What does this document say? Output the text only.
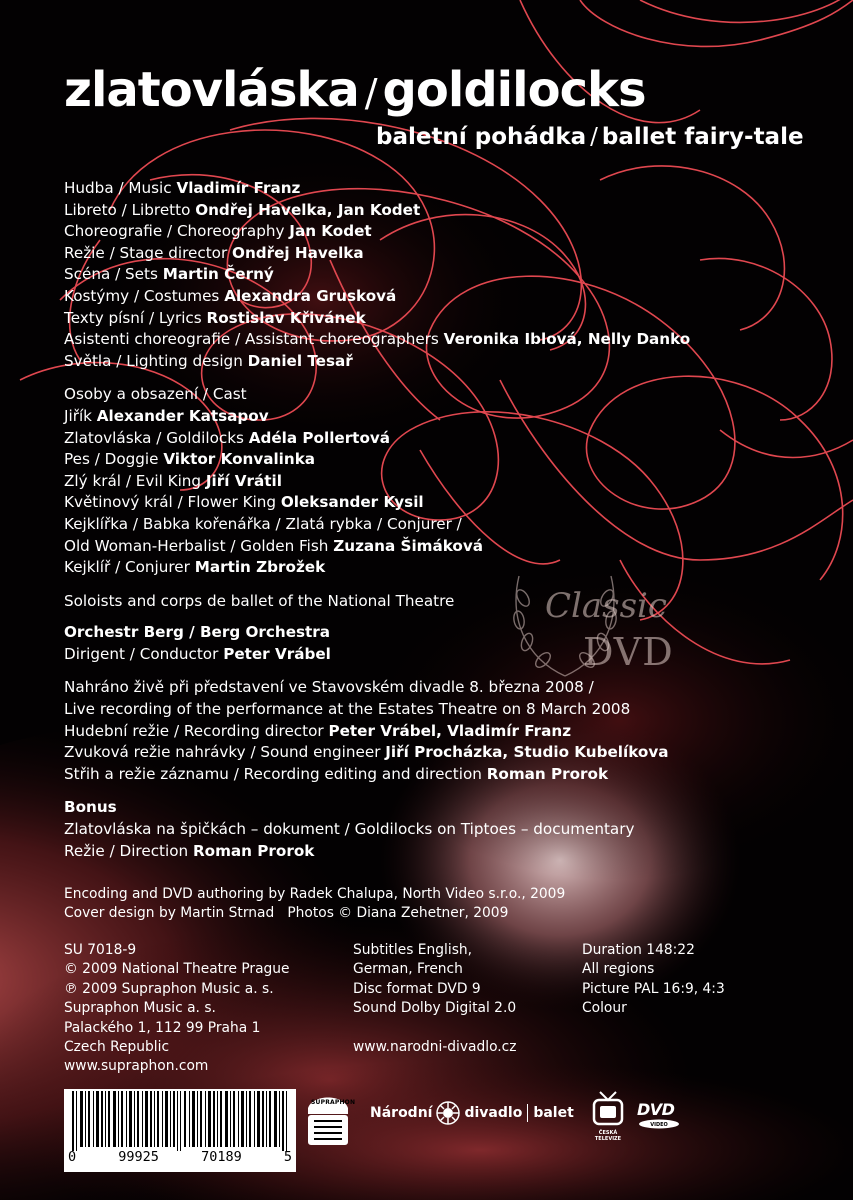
Classic
DVD
zlatovláska / goldilocks
baletní pohádka / ballet fairy-tale
Hudba / Music Vladimír Franz
Libreto / Libretto Ondřej Havelka, Jan Kodet
Choreografie / Choreography Jan Kodet
Režie / Stage director Ondřej Havelka
Scéna / Sets Martin Černý
Kostýmy / Costumes Alexandra Grusková
Texty písní / Lyrics Rostislav Křivánek
Asistenti choreografie / Assistant choreographers Veronika Iblová, Nelly Danko
Světla / Lighting design Daniel Tesař
Osoby a obsazení / Cast
Jiřík Alexander Katsapov
Zlatovláska / Goldilocks Adéla Pollertová
Pes / Doggie Viktor Konvalinka
Zlý král / Evil King Jiří Vrátil
Květinový král / Flower King Oleksander Kysil
Kejklířka / Babka kořenářka / Zlatá rybka / Conjurer /
Old Woman-Herbalist / Golden Fish Zuzana Šimáková
Kejklíř / Conjurer Martin Zbrožek
Soloists and corps de ballet of the National Theatre
Orchestr Berg / Berg Orchestra
Dirigent / Conductor Peter Vrábel
Nahráno živě při představení ve Stavovském divadle 8. března 2008 /
Live recording of the performance at the Estates Theatre on 8 March 2008
Hudební režie / Recording director Peter Vrábel, Vladimír Franz
Zvuková režie nahrávky / Sound engineer Jiří Procházka, Studio Kubelíkova
Střih a režie záznamu / Recording editing and direction Roman Prorok
Bonus
Zlatovláska na špičkách – dokument / Goldilocks on Tiptoes – documentary
Režie / Direction Roman Prorok
Encoding and DVD authoring by Radek Chalupa, North Video s.r.o., 2009
Cover design by Martin Strnad   Photos © Diana Zehetner, 2009
SU 7018-9
© 2009 National Theatre Prague
℗ 2009 Supraphon Music a. s.
Supraphon Music a. s.
Palackého 1, 112 99 Praha 1
Czech Republic
www.supraphon.com
Subtitles English,
German, French
Disc format DVD 9
Sound Dolby Digital 2.0
www.narodni-divadlo.cz
Duration 148:22
All regions
Picture PAL 16:9, 4:3
Colour
0	99925	70189	5
SUPRAPHON
Národní divadlo balet
ČESKÁ TELEVIZE
DVD
VIDEO
